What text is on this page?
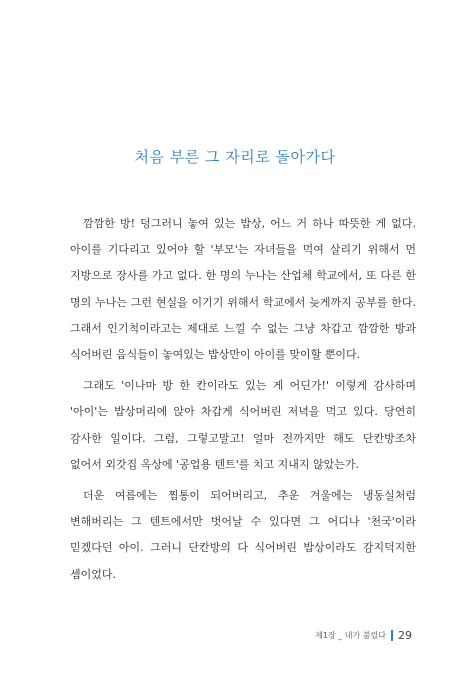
처음 부른 그 자리로 돌아가다

깜깜한 방! 덩그러니 놓여 있는 밥상, 어느 거 하나 따뜻한 게 없다. 아이를 기다리고 있어야 할 '부모'는 자녀들을 먹여 살리기 위해서 먼 지방으로 장사를 가고 없다. 한 명의 누나는 산업체 학교에서, 또 다른 한 명의 누나는 그런 현실을 이기기 위해서 학교에서 늦게까지 공부를 한다. 그래서 인기척이라고는 제대로 느낄 수 없는 그냥 차갑고 깜깜한 방과 식어버린 음식들이 놓여있는 밥상만이 아이를 맞이할 뿐이다.

그래도 '이나마 방 한 칸이라도 있는 게 어딘가!' 이렇게 감사하며 '아이'는 밥상머리에 앉아 차갑게 식어버린 저녁을 먹고 있다. 당연히 감사한 일이다. 그럼, 그렇고말고! 얼마 전까지만 해도 단칸방조차 없어서 외갓집 옥상에 '공업용 텐트'를 치고 지내지 않았는가.

더운 여름에는 찜통이 되어버리고, 추운 겨울에는 냉동실처럼 변해버리는 그 텐트에서만 벗어날 수 있다면 그 어디나 '천국'이라 믿겠다던 아이. 그러니 단칸방의 다 식어버린 밥상이라도 감지덕지한 셈이었다.

제1장 _ 내가 불렀다 29
